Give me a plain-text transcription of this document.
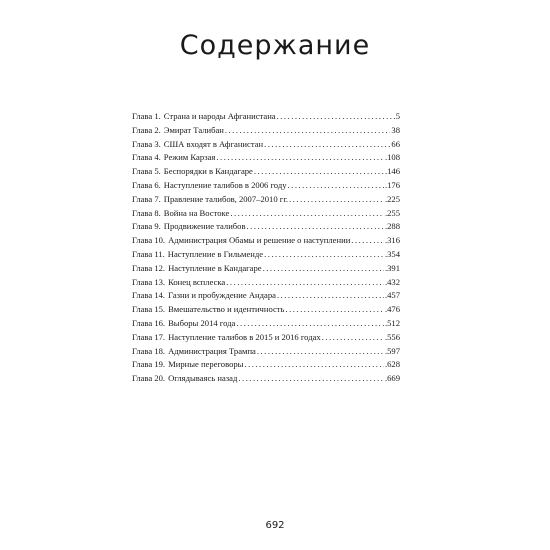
Содержание
Глава 1. Страна и народы Афганистана .....	5
Глава 2. Эмират Талибан .....	38
Глава 3. США входят в Афганистан .....	66
Глава 4. Режим Карзая .....	.108
Глава 5. Беспорядки в Кандагаре .....	.146
Глава 6. Наступление талибов в 2006 году .....	.176
Глава 7. Правление талибов, 2007–2010 гг. .....	.225
Глава 8. Война на Востоке .....	.255
Глава 9. Продвижение талибов .....	.288
Глава 10. Администрация Обамы и решение о наступлении .....	.316
Глава 11. Наступление в Гильменде .....	.354
Глава 12. Наступление в Кандагаре .....	.391
Глава 13. Конец всплеска .....	.432
Глава 14. Газни и пробуждение Андара .....	.457
Глава 15. Вмешательство и идентичность .....	.476
Глава 16. Выборы 2014 года .....	.512
Глава 17. Наступление талибов в 2015 и 2016 годах .....	.556
Глава 18. Администрация Трампа .....	.597
Глава 19. Мирные переговоры .....	.628
Глава 20. Оглядываясь назад .....	.669
692
